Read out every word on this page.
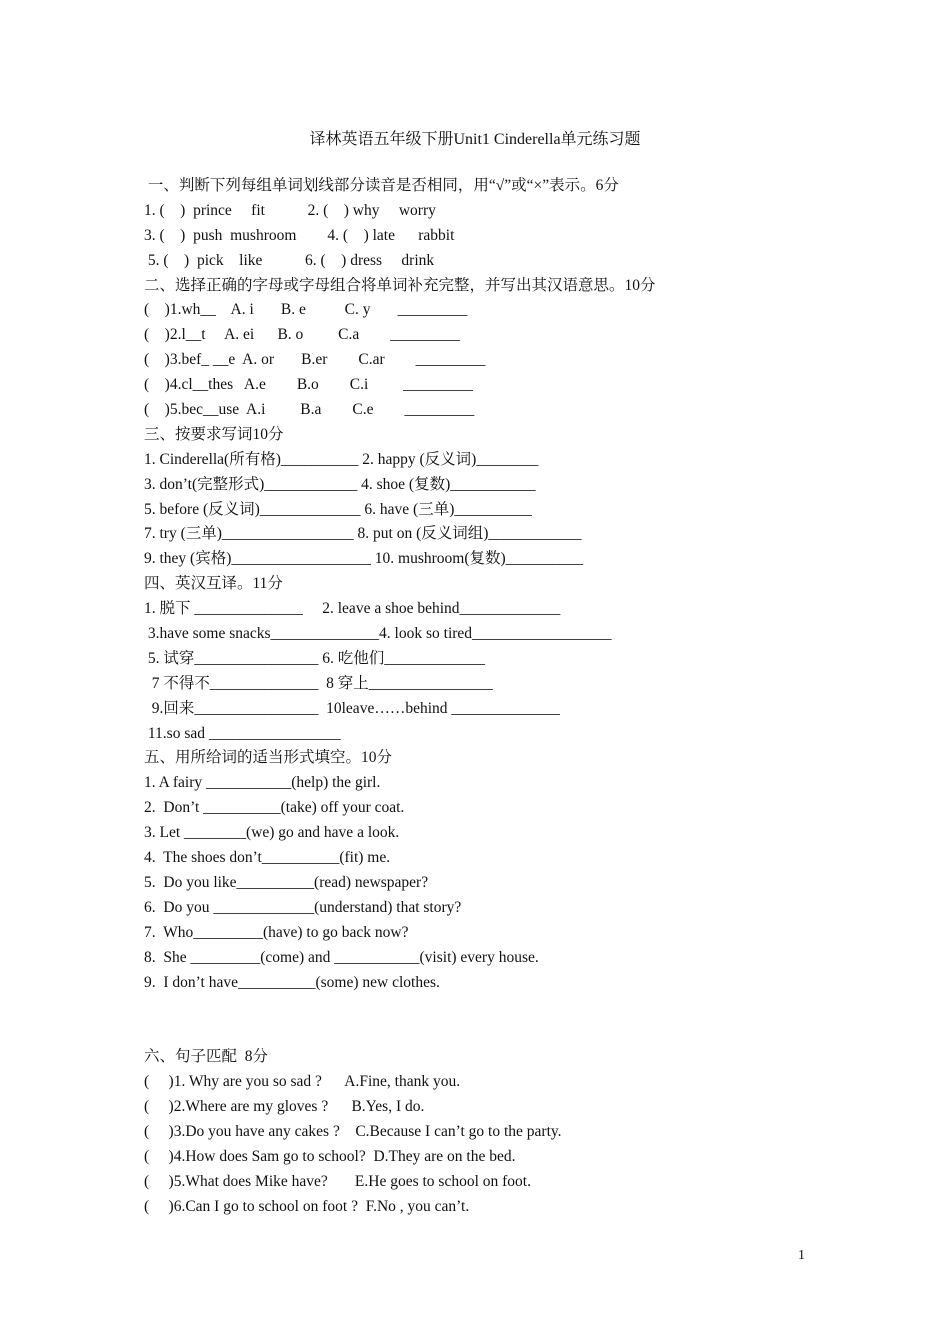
译林英语五年级下册Unit1 Cinderella单元练习题
一、判断下列每组单词划线部分读音是否相同，用“√”或“×”表示。6分
1. (    )  prince     fit           2. (    ) why     worry
3. (    )  push  mushroom        4. (    ) late      rabbit
5. (    )  pick    like           6. (    ) dress     drink
二、选择正确的字母或字母组合将单词补充完整，并写出其汉语意思。10分
(    )1.wh__    A. i       B. e          C. y       _________
(    )2.l__t     A. ei      B. o         C.a        _________
(    )3.bef_ __e  A. or       B.er        C.ar        _________
(    )4.cl__thes   A.e        B.o        C.i         _________
(    )5.bec__use  A.i         B.a        C.e        _________
三、按要求写词10分
1. Cinderella(所有格)__________ 2. happy (反义词)________
3. don’t(完整形式)____________ 4. shoe (复数)___________
5. before (反义词)_____________ 6. have (三单)__________
7. try (三单)_________________ 8. put on (反义词组)____________
9. they (宾格)__________________ 10. mushroom(复数)__________
四、英汉互译。11分
1. 脱下 ______________     2. leave a shoe behind_____________
3.have some snacks______________4. look so tired__________________
5. 试穿________________ 6. 吃他们_____________
7 不得不______________  8 穿上________________
9.回来________________  10leave……behind ______________
11.so sad _________________
五、用所给词的适当形式填空。10分
1. A fairy ___________(help) the girl.
2.  Don’t __________(take) off your coat.
3. Let ________(we) go and have a look.
4.  The shoes don’t__________(fit) me.
5.  Do you like__________(read) newspaper?
6.  Do you _____________(understand) that story?
7.  Who_________(have) to go back now?
8.  She _________(come) and ___________(visit) every house.
9.  I don’t have__________(some) new clothes.
六、句子匹配  8分
(     )1. Why are you so sad ?      A.Fine, thank you.
(     )2.Where are my gloves ?      B.Yes, I do.
(     )3.Do you have any cakes ?    C.Because I can’t go to the party.
(     )4.How does Sam go to school?  D.They are on the bed.
(     )5.What does Mike have?       E.He goes to school on foot.
(     )6.Can I go to school on foot ?  F.No , you can’t.
1
